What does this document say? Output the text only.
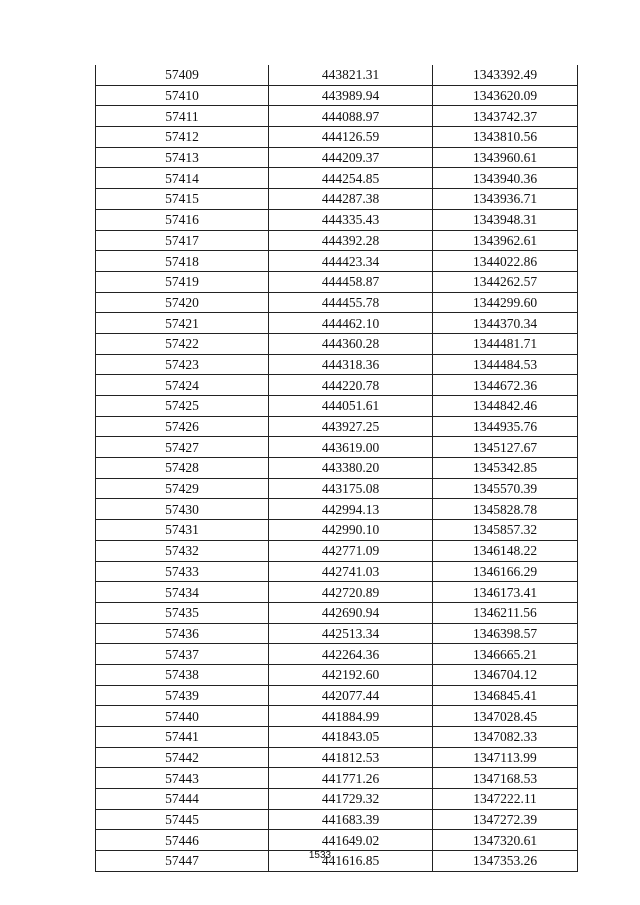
57409	443821.31	1343392.49
57410	443989.94	1343620.09
57411	444088.97	1343742.37
57412	444126.59	1343810.56
57413	444209.37	1343960.61
57414	444254.85	1343940.36
57415	444287.38	1343936.71
57416	444335.43	1343948.31
57417	444392.28	1343962.61
57418	444423.34	1344022.86
57419	444458.87	1344262.57
57420	444455.78	1344299.60
57421	444462.10	1344370.34
57422	444360.28	1344481.71
57423	444318.36	1344484.53
57424	444220.78	1344672.36
57425	444051.61	1344842.46
57426	443927.25	1344935.76
57427	443619.00	1345127.67
57428	443380.20	1345342.85
57429	443175.08	1345570.39
57430	442994.13	1345828.78
57431	442990.10	1345857.32
57432	442771.09	1346148.22
57433	442741.03	1346166.29
57434	442720.89	1346173.41
57435	442690.94	1346211.56
57436	442513.34	1346398.57
57437	442264.36	1346665.21
57438	442192.60	1346704.12
57439	442077.44	1346845.41
57440	441884.99	1347028.45
57441	441843.05	1347082.33
57442	441812.53	1347113.99
57443	441771.26	1347168.53
57444	441729.32	1347222.11
57445	441683.39	1347272.39
57446	441649.02	1347320.61
57447	441616.85	1347353.26
1533
